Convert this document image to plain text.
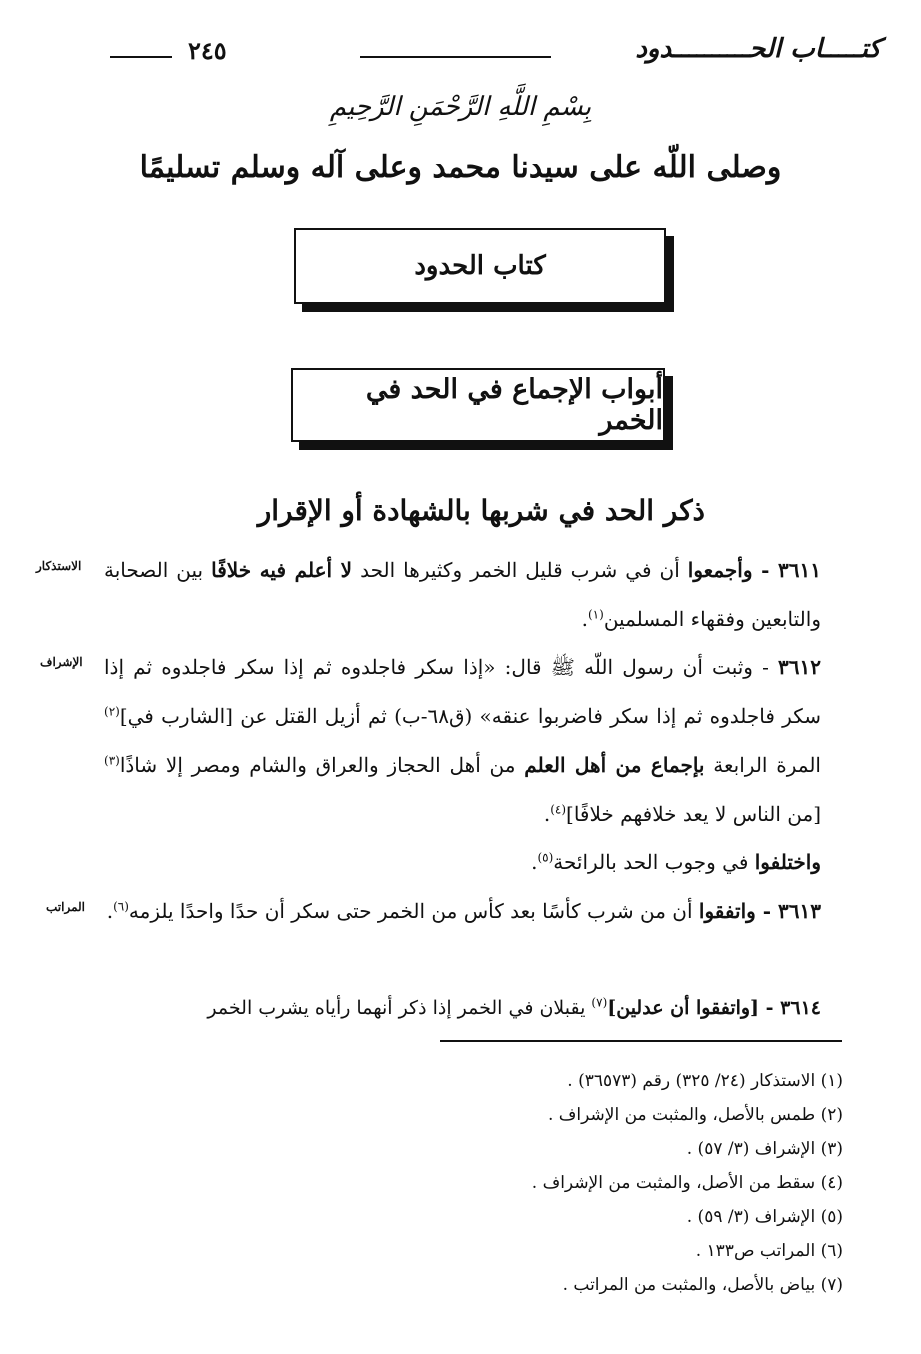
٢٤٥	كتـــــاب الحــــــــــدود
بِسْمِ اللَّهِ الرَّحْمَنِ الرَّحِيمِ
وصلى اللّه على سيدنا محمد وعلى آله وسلم تسليمًا
كتاب الحدود
أبواب الإجماع في الحد في الخمر
ذكر الحد في شربها بالشهادة أو الإقرار
الاستذكار
الإشراف
المراتب
٣٦١١ - وأجمعوا أن في شرب قليل الخمر وكثيرها الحد لا أعلم فيه خلافًا بين الصحابة والتابعين وفقهاء المسلمين$^{(١)}$.
٣٦١٢ - وثبت أن رسول اللّه ﷺ قال: «إذا سكر فاجلدوه ثم إذا سكر فاجلدوه ثم إذا سكر فاجلدوه ثم إذا سكر فاضربوا عنقه» (ق٦٨-ب) ثم أزيل القتل عن [الشارب في]$^{(٢)}$ المرة الرابعة بإجماع من أهل العلم من أهل الحجاز والعراق والشام ومصر إلا شاذًا$^{(٣)}$ [من الناس لا يعد خلافهم خلافًا]$^{(٤)}$.
واختلفوا في وجوب الحد بالرائحة$^{(٥)}$.
٣٦١٣ - واتفقوا أن من شرب كأسًا بعد كأس من الخمر حتى سكر أن حدًا واحدًا يلزمه$^{(٦)}$.
٣٦١٤ - [واتفقوا أن عدلين]$^{(٧)}$ يقبلان في الخمر إذا ذكر أنهما رأياه يشرب الخمر
(١) الاستذكار (٢٤/ ٣٢٥) رقم (٣٦٥٧٣) .
(٢) طمس بالأصل، والمثبت من الإشراف .
(٣) الإشراف (٣/ ٥٧) .
(٤) سقط من الأصل، والمثبت من الإشراف .
(٥) الإشراف (٣/ ٥٩) .
(٦) المراتب ص١٣٣ .
(٧) بياض بالأصل، والمثبت من المراتب .
